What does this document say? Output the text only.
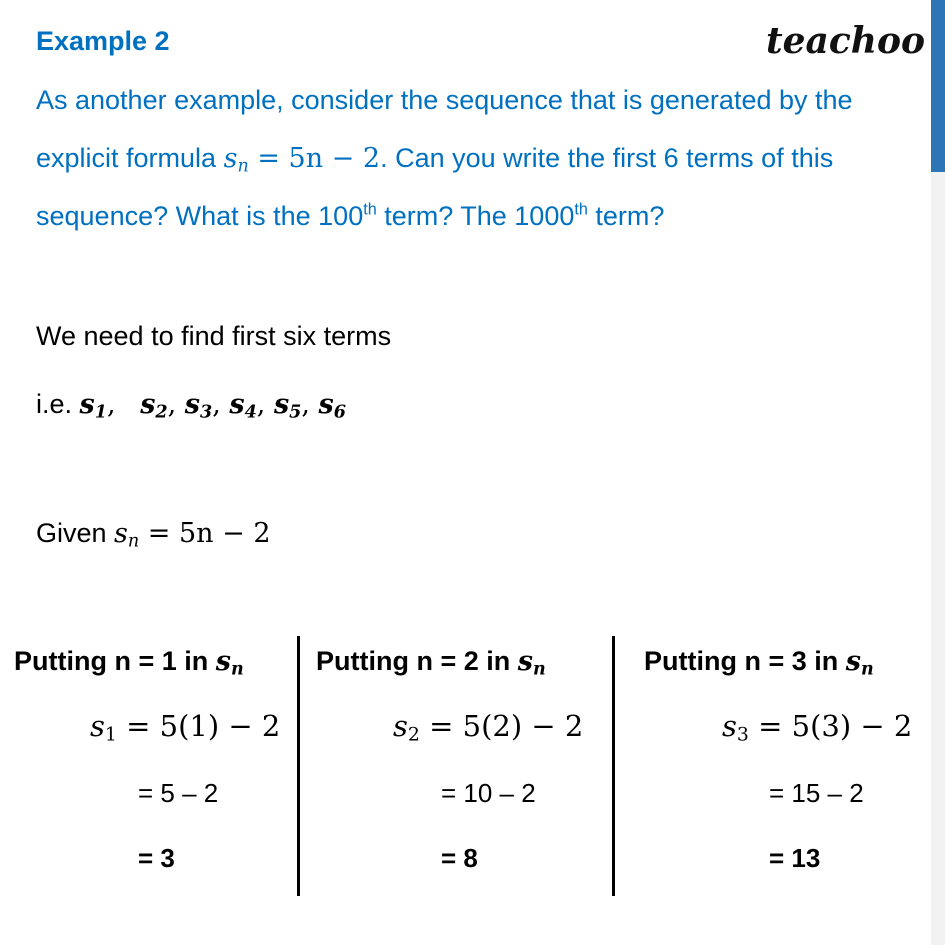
Example 2	teachoo
As another example, consider the sequence that is generated by the
explicit formula $s_n = 5n - 2$. Can you write the first 6 terms of this
sequence? What is the 100th term? The 1000th term?
We need to find first six terms
i.e. $s_1$,   $s_2$, $s_3$, $s_4$, $s_5$, $s_6$
Given $s_n = 5n - 2$
Putting n = 1 in $s_n$
$s_1 = 5(1) - 2$
= 5 – 2
= 3
Putting n = 2 in $s_n$
$s_2 = 5(2) - 2$
= 10 – 2
= 8
Putting n = 3 in $s_n$
$s_3 = 5(3) - 2$
= 15 – 2
= 13
